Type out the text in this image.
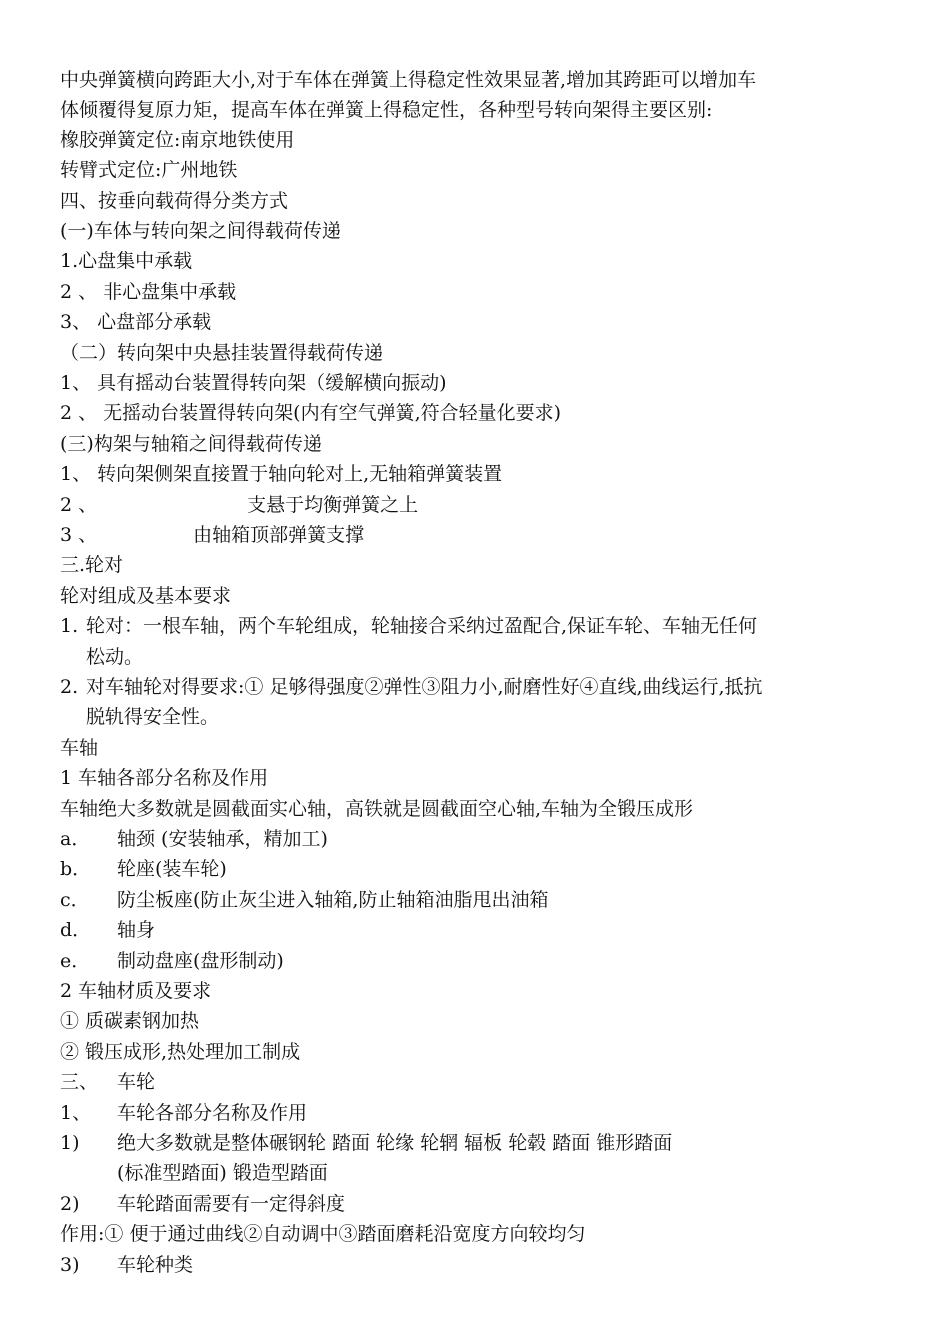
中央弹簧横向跨距大小,对于车体在弹簧上得稳定性效果显著,增加其跨距可以增加车
体倾覆得复原力矩，提高车体在弹簧上得稳定性，各种型号转向架得主要区别:
橡胶弹簧定位:南京地铁使用
转臂式定位:广州地铁
四、按垂向载荷得分类方式
(一)车体与转向架之间得载荷传递
1.心盘集中承载
2 、 非心盘集中承载
3、 心盘部分承载
（二）转向架中央悬挂装置得载荷传递
1、 具有摇动台装置得转向架（缓解横向振动)
2 、 无摇动台装置得转向架(内有空气弹簧,符合轻量化要求)
(三)构架与轴箱之间得载荷传递
1、 转向架侧架直接置于轴向轮对上,无轴箱弹簧装置
2 、	支悬于均衡弹簧之上
3 、	由轴箱顶部弹簧支撑
三.轮对
轮对组成及基本要求
1. 轮对：一根车轴，两个车轮组成，轮轴接合采纳过盈配合,保证车轮、车轴无任何
松动。
2. 对车轴轮对得要求:① 足够得强度②弹性③阻力小,耐磨性好④直线,曲线运行,抵抗
脱轨得安全性。
车轴
1 车轴各部分名称及作用
车轴绝大多数就是圆截面实心轴，高铁就是圆截面空心轴,车轴为全锻压成形
a． 轴颈 (安装轴承，精加工)
b． 轮座(装车轮)
c． 防尘板座(防止灰尘进入轴箱,防止轴箱油脂甩出油箱
d． 轴身
e． 制动盘座(盘形制动)
2 车轴材质及要求
① 质碳素钢加热
② 锻压成形,热处理加工制成
三、 车轮
1、 车轮各部分名称及作用
1) 绝大多数就是整体碾钢轮 踏面 轮缘 轮辋 辐板 轮毂 踏面 锥形踏面
(标准型踏面) 锻造型踏面
2) 车轮踏面需要有一定得斜度
作用:① 便于通过曲线②自动调中③踏面磨耗沿宽度方向较均匀
3) 车轮种类
